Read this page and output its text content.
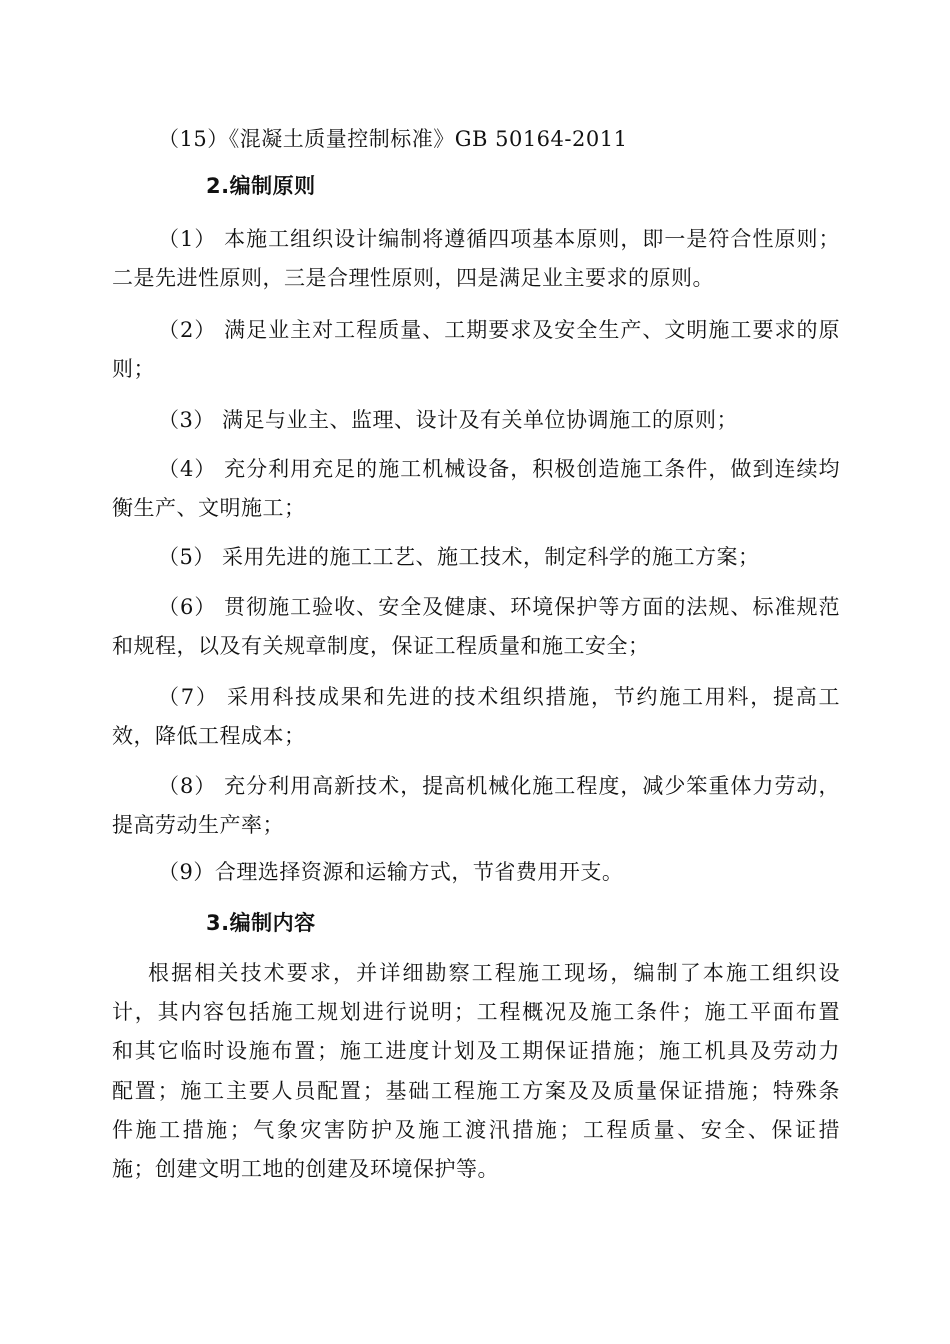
（15）《混凝土质量控制标准》GB 50164-2011
2.编制原则
（1） 本施工组织设计编制将遵循四项基本原则，即一是符合性原则；
二是先进性原则，三是合理性原则，四是满足业主要求的原则。
（2） 满足业主对工程质量、工期要求及安全生产、文明施工要求的原
则；
（3） 满足与业主、监理、设计及有关单位协调施工的原则；
（4） 充分利用充足的施工机械设备，积极创造施工条件，做到连续均
衡生产、文明施工；
（5） 采用先进的施工工艺、施工技术，制定科学的施工方案；
（6） 贯彻施工验收、安全及健康、环境保护等方面的法规、标准规范
和规程，以及有关规章制度，保证工程质量和施工安全；
（7） 采用科技成果和先进的技术组织措施，节约施工用料，提高工
效，降低工程成本；
（8） 充分利用高新技术，提高机械化施工程度，减少笨重体力劳动，
提高劳动生产率；
（9）合理选择资源和运输方式，节省费用开支。
3.编制内容
根据相关技术要求，并详细勘察工程施工现场，编制了本施工组织设
计，其内容包括施工规划进行说明；工程概况及施工条件；施工平面布置
和其它临时设施布置；施工进度计划及工期保证措施；施工机具及劳动力
配置；施工主要人员配置；基础工程施工方案及及质量保证措施；特殊条
件施工措施；气象灾害防护及施工渡汛措施；工程质量、安全、保证措
施；创建文明工地的创建及环境保护等。
